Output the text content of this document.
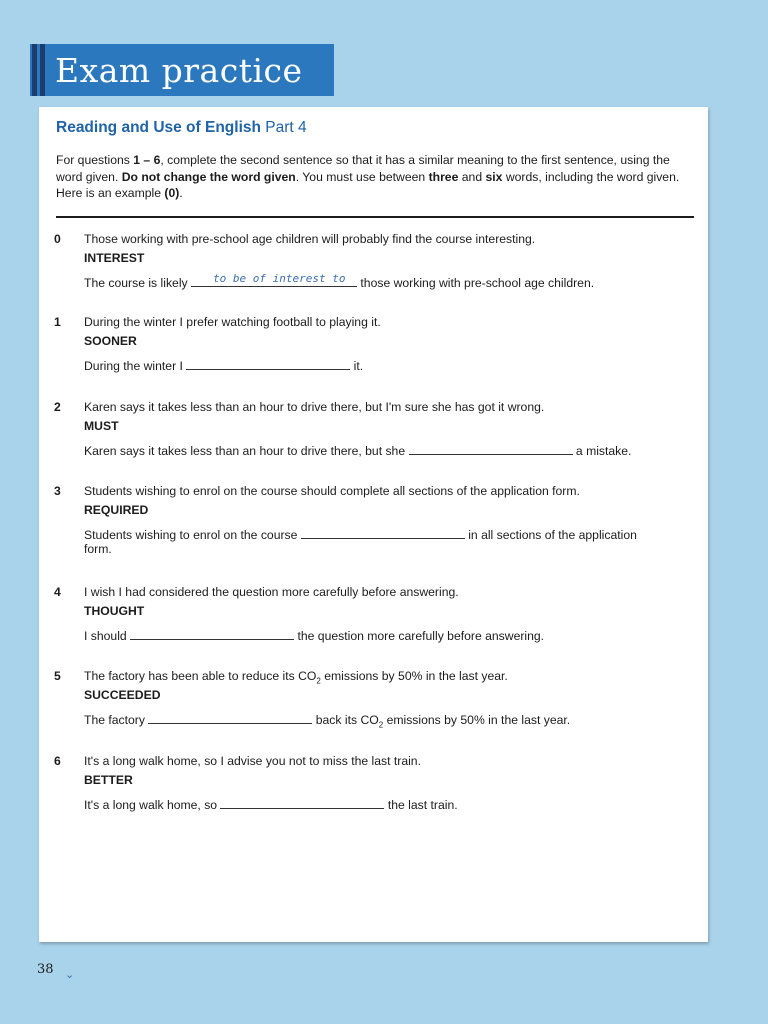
Exam practice
Reading and Use of English Part 4
For questions 1 – 6, complete the second sentence so that it has a similar meaning to the first sentence, using the word given. Do not change the word given. You must use between three and six words, including the word given. Here is an example (0).
0	Those working with pre-school age children will probably find the course interesting.
INTEREST
The course is likely to be of interest to those working with pre-school age children.
1	During the winter I prefer watching football to playing it.
SOONER
During the winter I	it.
2	Karen says it takes less than an hour to drive there, but I'm sure she has got it wrong.
MUST
Karen says it takes less than an hour to drive there, but she	a mistake.
3	Students wishing to enrol on the course should complete all sections of the application form.
REQUIRED
Students wishing to enrol on the course	in all sections of the application
form.
4	I wish I had considered the question more carefully before answering.
THOUGHT
I should	the question more carefully before answering.
5	The factory has been able to reduce its $CO_2$ emissions by 50% in the last year.
SUCCEEDED
The factory	back its $CO_2$ emissions by 50% in the last year.
6	It's a long walk home, so I advise you not to miss the last train.
BETTER
It's a long walk home, so	the last train.
38 ⌄
